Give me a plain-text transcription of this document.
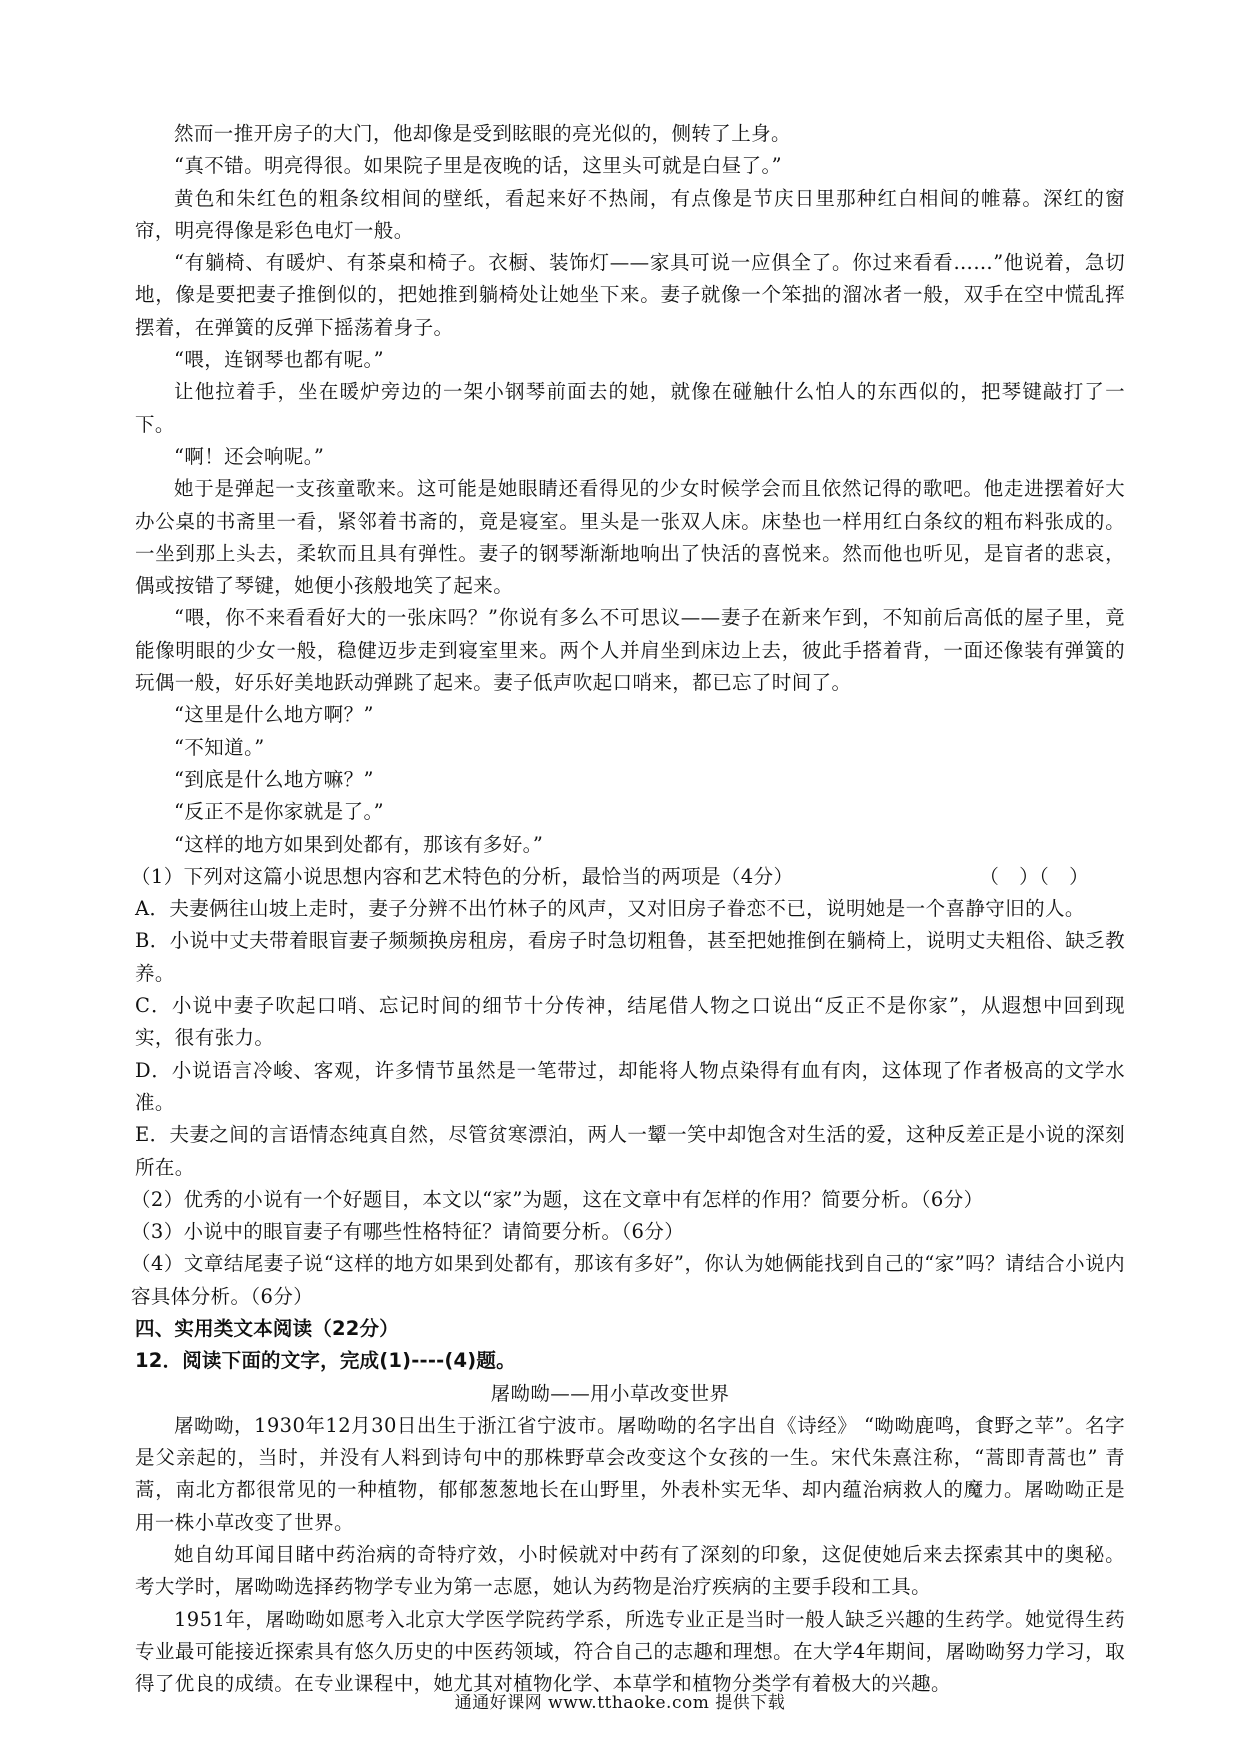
然而一推开房子的大门，他却像是受到眩眼的亮光似的，侧转了上身。

“真不错。明亮得很。如果院子里是夜晚的话，这里头可就是白昼了。”

黄色和朱红色的粗条纹相间的壁纸，看起来好不热闹，有点像是节庆日里那种红白相间的帷幕。深红的窗帘，明亮得像是彩色电灯一般。

“有躺椅、有暖炉、有茶桌和椅子。衣橱、装饰灯——家具可说一应俱全了。你过来看看……”他说着，急切地，像是要把妻子推倒似的，把她推到躺椅处让她坐下来。妻子就像一个笨拙的溜冰者一般，双手在空中慌乱挥摆着，在弹簧的反弹下摇荡着身子。

“喂，连钢琴也都有呢。”

让他拉着手，坐在暖炉旁边的一架小钢琴前面去的她，就像在碰触什么怕人的东西似的，把琴键敲打了一下。

“啊！还会响呢。”

她于是弹起一支孩童歌来。这可能是她眼睛还看得见的少女时候学会而且依然记得的歌吧。他走进摆着好大办公桌的书斋里一看，紧邻着书斋的，竟是寝室。里头是一张双人床。床垫也一样用红白条纹的粗布料张成的。一坐到那上头去，柔软而且具有弹性。妻子的钢琴渐渐地响出了快活的喜悦来。然而他也听见，是盲者的悲哀，偶或按错了琴键，她便小孩般地笑了起来。

“喂，你不来看看好大的一张床吗？”你说有多么不可思议——妻子在新来乍到，不知前后高低的屋子里，竟能像明眼的少女一般，稳健迈步走到寝室里来。两个人并肩坐到床边上去，彼此手搭着背，一面还像装有弹簧的玩偶一般，好乐好美地跃动弹跳了起来。妻子低声吹起口哨来，都已忘了时间了。

“这里是什么地方啊？”

“不知道。”

“到底是什么地方嘛？”

“反正不是你家就是了。”

“这样的地方如果到处都有，那该有多好。”

（1）下列对这篇小说思想内容和艺术特色的分析，最恰当的两项是（4分）	（　）（　）

A．夫妻俩往山坡上走时，妻子分辨不出竹林子的风声，又对旧房子眷恋不已，说明她是一个喜静守旧的人。

B．小说中丈夫带着眼盲妻子频频换房租房，看房子时急切粗鲁，甚至把她推倒在躺椅上，说明丈夫粗俗、缺乏教养。

C．小说中妻子吹起口哨、忘记时间的细节十分传神，结尾借人物之口说出“反正不是你家”，从遐想中回到现实，很有张力。

D．小说语言冷峻、客观，许多情节虽然是一笔带过，却能将人物点染得有血有肉，这体现了作者极高的文学水准。

E．夫妻之间的言语情态纯真自然，尽管贫寒漂泊，两人一颦一笑中却饱含对生活的爱，这种反差正是小说的深刻所在。

（2）优秀的小说有一个好题目，本文以“家”为题，这在文章中有怎样的作用？简要分析。（6分）

（3）小说中的眼盲妻子有哪些性格特征？请简要分析。（6分）

（4）文章结尾妻子说“这样的地方如果到处都有，那该有多好”，你认为她俩能找到自己的“家”吗？请结合小说内容具体分析。（6分）

四、实用类文本阅读（22分）

12．阅读下面的文字，完成(1)----(4)题。

屠呦呦——用小草改变世界

屠呦呦，1930年12月30日出生于浙江省宁波市。屠呦呦的名字出自《诗经》 “呦呦鹿鸣，食野之苹”。名字是父亲起的，当时，并没有人料到诗句中的那株野草会改变这个女孩的一生。宋代朱熹注称，“蒿即青蒿也” 青蒿，南北方都很常见的一种植物，郁郁葱葱地长在山野里，外表朴实无华、却内蕴治病救人的魔力。屠呦呦正是用一株小草改变了世界。

她自幼耳闻目睹中药治病的奇特疗效，小时候就对中药有了深刻的印象，这促使她后来去探索其中的奥秘。考大学时，屠呦呦选择药物学专业为第一志愿，她认为药物是治疗疾病的主要手段和工具。

1951年，屠呦呦如愿考入北京大学医学院药学系，所选专业正是当时一般人缺乏兴趣的生药学。她觉得生药专业最可能接近探索具有悠久历史的中医药领域，符合自己的志趣和理想。在大学4年期间，屠呦呦努力学习，取得了优良的成绩。在专业课程中，她尤其对植物化学、本草学和植物分类学有着极大的兴趣。

通通好课网 www.tthaoke.com 提供下载
